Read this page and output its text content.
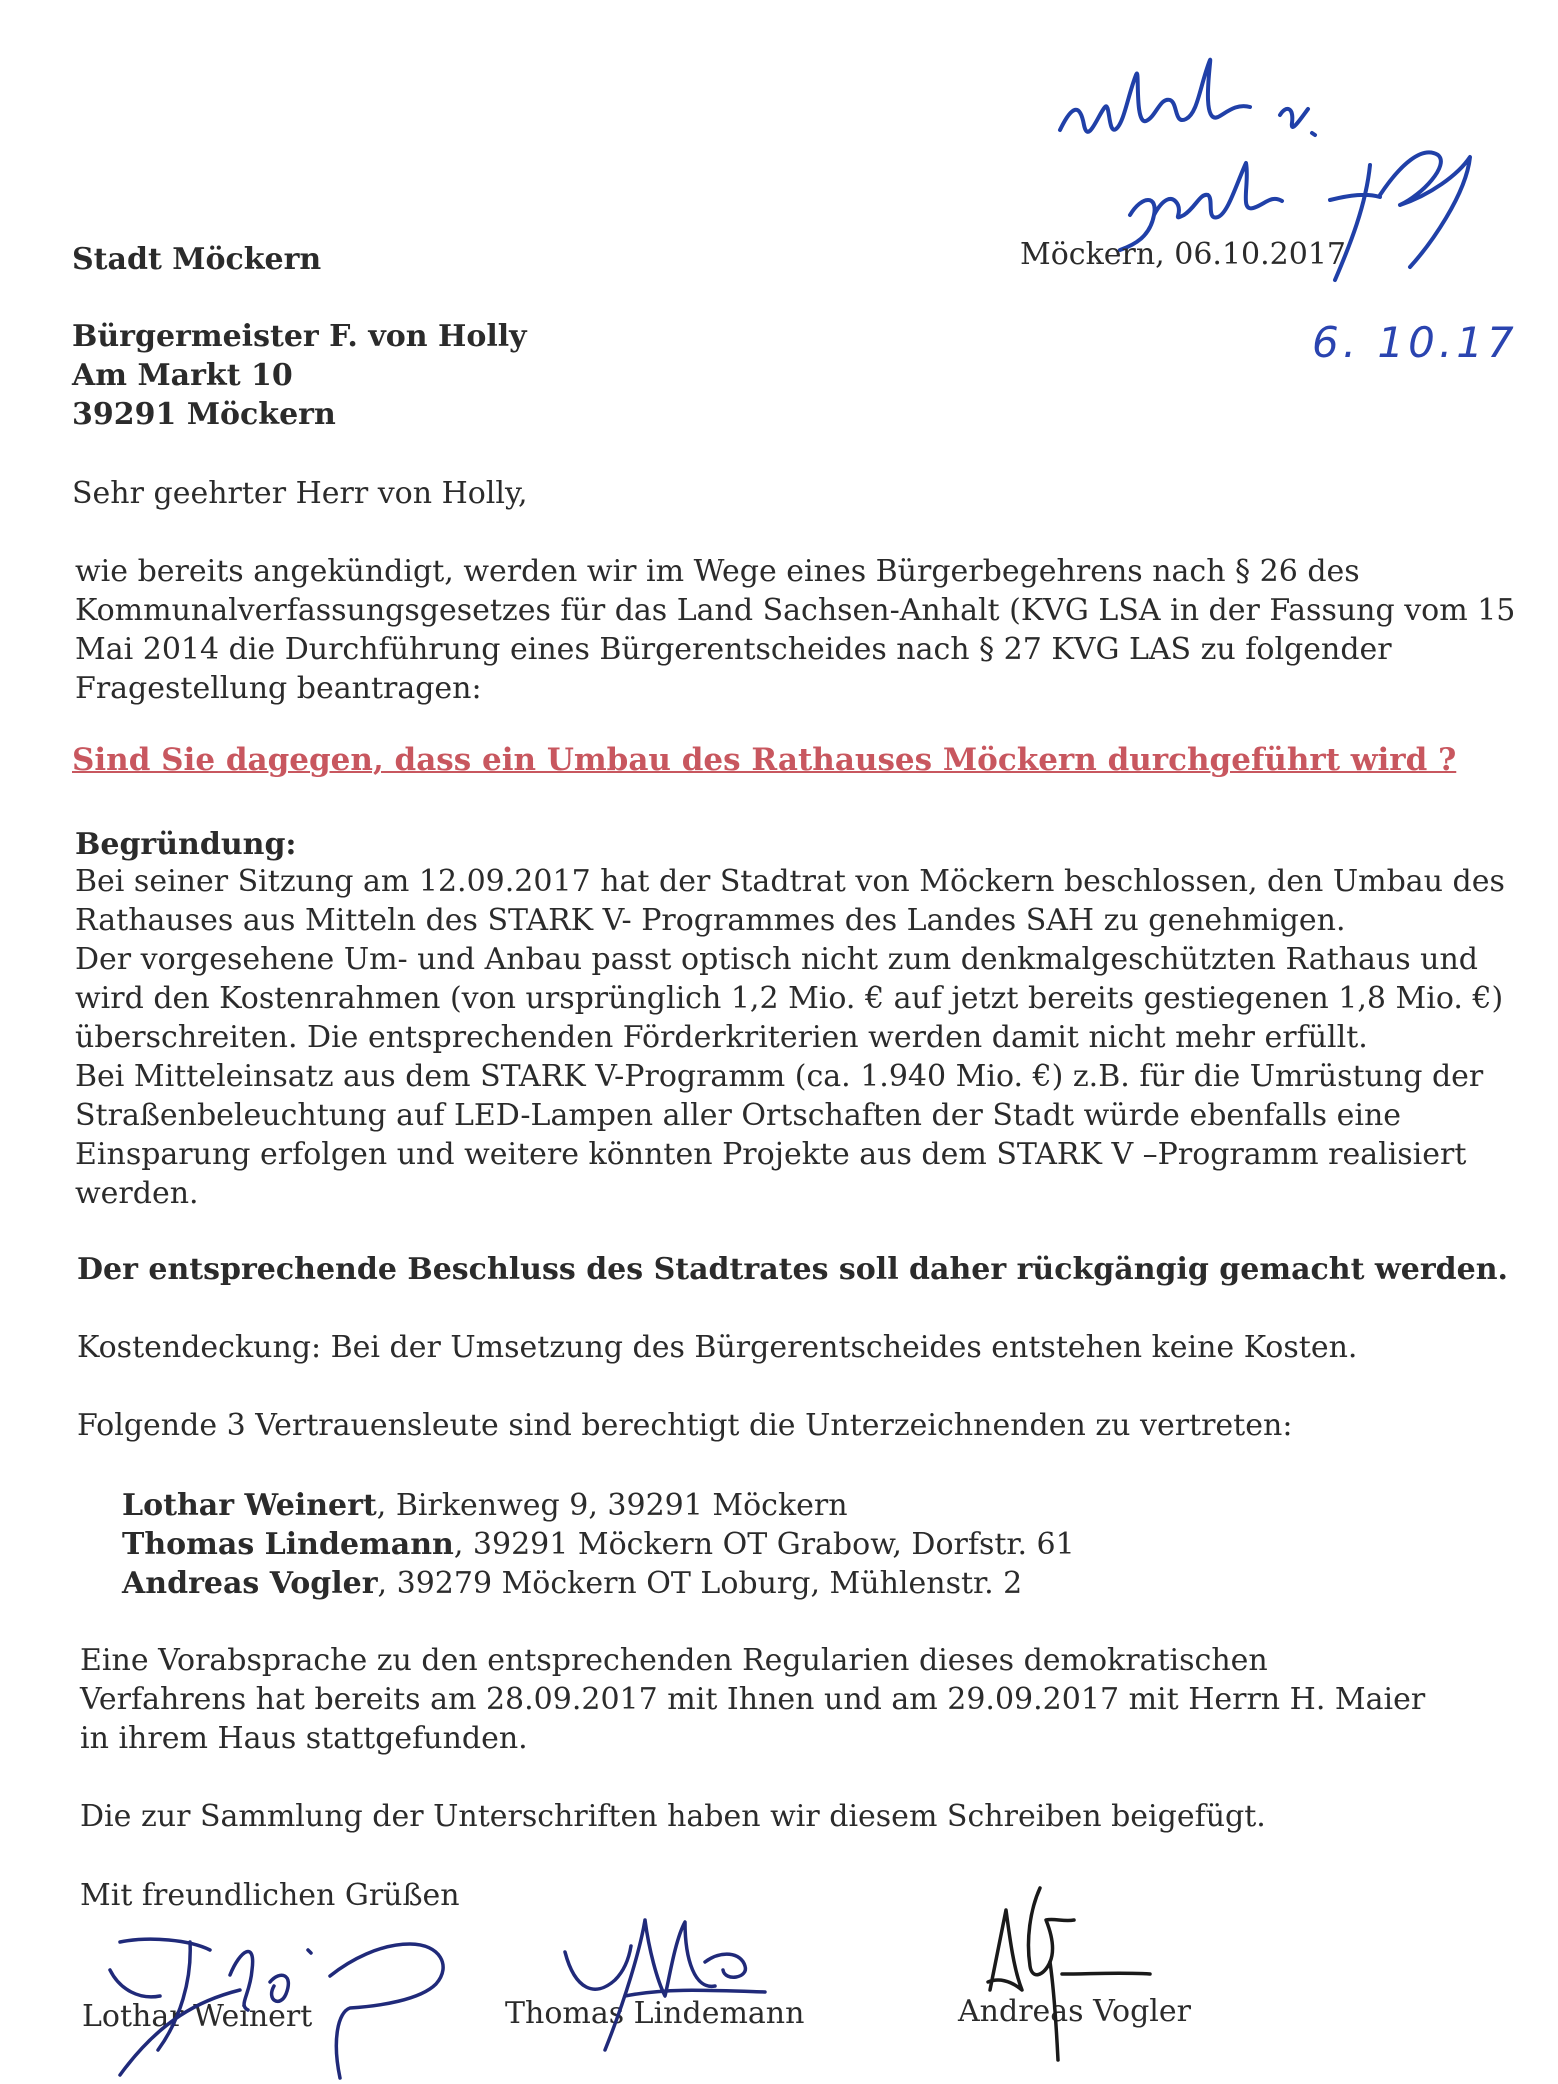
6. 10.17
Stadt Möckern	Möckern, 06.10.2017
Bürgermeister F. von Holly
Am Markt 10
39291 Möckern
Sehr geehrter Herr von Holly,
wie bereits angekündigt, werden wir im Wege eines Bürgerbegehrens nach § 26 des
Kommunalverfassungsgesetzes für das Land Sachsen-Anhalt (KVG LSA in der Fassung vom 15
Mai 2014 die Durchführung eines Bürgerentscheides nach § 27 KVG LAS zu folgender
Fragestellung beantragen:
Sind Sie dagegen, dass ein Umbau des Rathauses Möckern durchgeführt wird ?
Begründung:
Bei seiner Sitzung am 12.09.2017 hat der Stadtrat von Möckern beschlossen, den Umbau des
Rathauses aus Mitteln des STARK V- Programmes des Landes SAH zu genehmigen.
Der vorgesehene Um- und Anbau passt optisch nicht zum denkmalgeschützten Rathaus und
wird den Kostenrahmen (von ursprünglich 1,2 Mio. € auf jetzt bereits gestiegenen 1,8 Mio. €)
überschreiten. Die entsprechenden Förderkriterien werden damit nicht mehr erfüllt.
Bei Mitteleinsatz aus dem STARK V-Programm (ca. 1.940 Mio. €) z.B. für die Umrüstung der
Straßenbeleuchtung auf LED-Lampen aller Ortschaften der Stadt würde ebenfalls eine
Einsparung erfolgen und weitere könnten Projekte aus dem STARK V –Programm realisiert
werden.
Der entsprechende Beschluss des Stadtrates soll daher rückgängig gemacht werden.
Kostendeckung: Bei der Umsetzung des Bürgerentscheides entstehen keine Kosten.
Folgende 3 Vertrauensleute sind berechtigt die Unterzeichnenden zu vertreten:
Lothar Weinert, Birkenweg 9, 39291 Möckern
Thomas Lindemann, 39291 Möckern OT Grabow, Dorfstr. 61
Andreas Vogler, 39279 Möckern OT Loburg, Mühlenstr. 2
Eine Vorabsprache zu den entsprechenden Regularien dieses demokratischen
Verfahrens hat bereits am 28.09.2017 mit Ihnen und am 29.09.2017 mit Herrn H. Maier
in ihrem Haus stattgefunden.
Die zur Sammlung der Unterschriften haben wir diesem Schreiben beigefügt.
Mit freundlichen Grüßen
Lothar Weinert	Thomas Lindemann	Andreas Vogler
